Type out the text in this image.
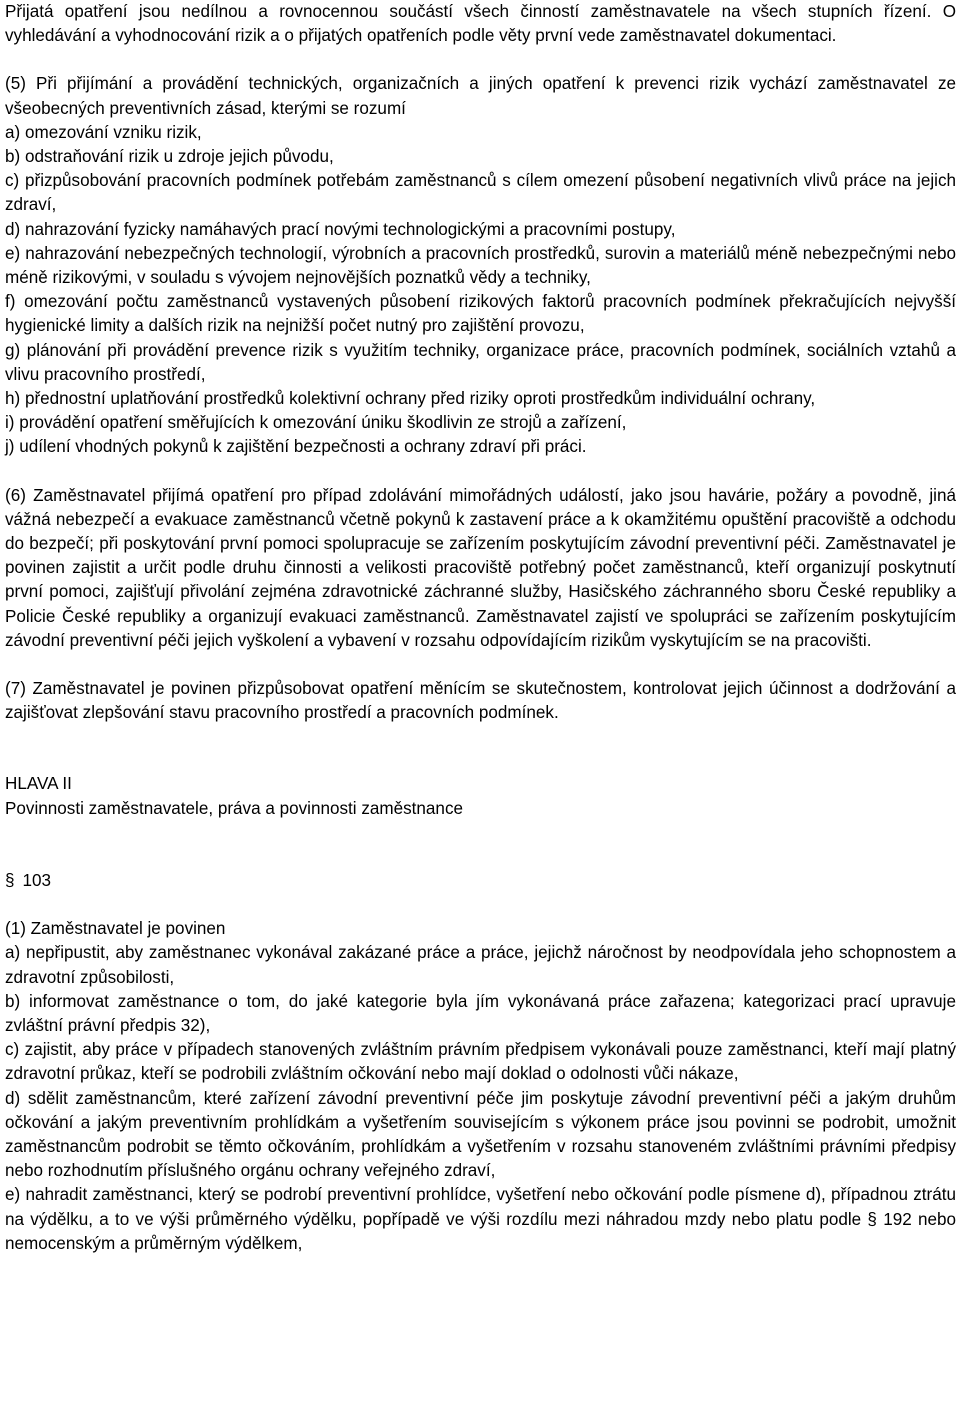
Přijatá opatření jsou nedílnou a rovnocennou součástí všech činností zaměstnavatele na všech stupních řízení. O vyhledávání a vyhodnocování rizik a o přijatých opatřeních podle věty první vede zaměstnavatel dokumentaci.

(5) Při přijímání a provádění technických, organizačních a jiných opatření k prevenci rizik vychází zaměstnavatel ze všeobecných preventivních zásad, kterými se rozumí

a) omezování vzniku rizik,

b) odstraňování rizik u zdroje jejich původu,

c) přizpůsobování pracovních podmínek potřebám zaměstnanců s cílem omezení působení negativních vlivů práce na jejich zdraví,

d) nahrazování fyzicky namáhavých prací novými technologickými a pracovními postupy,

e) nahrazování nebezpečných technologií, výrobních a pracovních prostředků, surovin a materiálů méně nebezpečnými nebo méně rizikovými, v souladu s vývojem nejnovějších poznatků vědy a techniky,

f) omezování počtu zaměstnanců vystavených působení rizikových faktorů pracovních podmínek překračujících nejvyšší hygienické limity a dalších rizik na nejnižší počet nutný pro zajištění provozu,

g) plánování při provádění prevence rizik s využitím techniky, organizace práce, pracovních podmínek, sociálních vztahů a vlivu pracovního prostředí,

h) přednostní uplatňování prostředků kolektivní ochrany před riziky oproti prostředkům individuální ochrany,

i) provádění opatření směřujících k omezování úniku škodlivin ze strojů a zařízení,

j) udílení vhodných pokynů k zajištění bezpečnosti a ochrany zdraví při práci.

(6) Zaměstnavatel přijímá opatření pro případ zdolávání mimořádných událostí, jako jsou havárie, požáry a povodně, jiná vážná nebezpečí a evakuace zaměstnanců včetně pokynů k zastavení práce a k okamžitému opuštění pracoviště a odchodu do bezpečí; při poskytování první pomoci spolupracuje se zařízením poskytujícím závodní preventivní péči. Zaměstnavatel je povinen zajistit a určit podle druhu činnosti a velikosti pracoviště potřebný počet zaměstnanců, kteří organizují poskytnutí první pomoci, zajišťují přivolání zejména zdravotnické záchranné služby, Hasičského záchranného sboru České republiky a Policie České republiky a organizují evakuaci zaměstnanců. Zaměstnavatel zajistí ve spolupráci se zařízením poskytujícím závodní preventivní péči jejich vyškolení a vybavení v rozsahu odpovídajícím rizikům vyskytujícím se na pracovišti.

(7) Zaměstnavatel je povinen přizpůsobovat opatření měnícím se skutečnostem, kontrolovat jejich účinnost a dodržování a zajišťovat zlepšování stavu pracovního prostředí a pracovních podmínek.

HLAVA II

Povinnosti zaměstnavatele, práva a povinnosti zaměstnance

§ 103

(1) Zaměstnavatel je povinen

a) nepřipustit, aby zaměstnanec vykonával zakázané práce a práce, jejichž náročnost by neodpovídala jeho schopnostem a zdravotní způsobilosti,

b) informovat zaměstnance o tom, do jaké kategorie byla jím vykonávaná práce zařazena; kategorizaci prací upravuje zvláštní právní předpis 32),

c) zajistit, aby práce v případech stanovených zvláštním právním předpisem vykonávali pouze zaměstnanci, kteří mají platný zdravotní průkaz, kteří se podrobili zvláštním očkování nebo mají doklad o odolnosti vůči nákaze,

d) sdělit zaměstnancům, které zařízení závodní preventivní péče jim poskytuje závodní preventivní péči a jakým druhům očkování a jakým preventivním prohlídkám a vyšetřením souvisejícím s výkonem práce jsou povinni se podrobit, umožnit zaměstnancům podrobit se těmto očkováním, prohlídkám a vyšetřením v rozsahu stanoveném zvláštními právními předpisy nebo rozhodnutím příslušného orgánu ochrany veřejného zdraví,

e) nahradit zaměstnanci, který se podrobí preventivní prohlídce, vyšetření nebo očkování podle písmene d), případnou ztrátu na výdělku, a to ve výši průměrného výdělku, popřípadě ve výši rozdílu mezi náhradou mzdy nebo platu podle § 192 nebo nemocenským a průměrným výdělkem,
